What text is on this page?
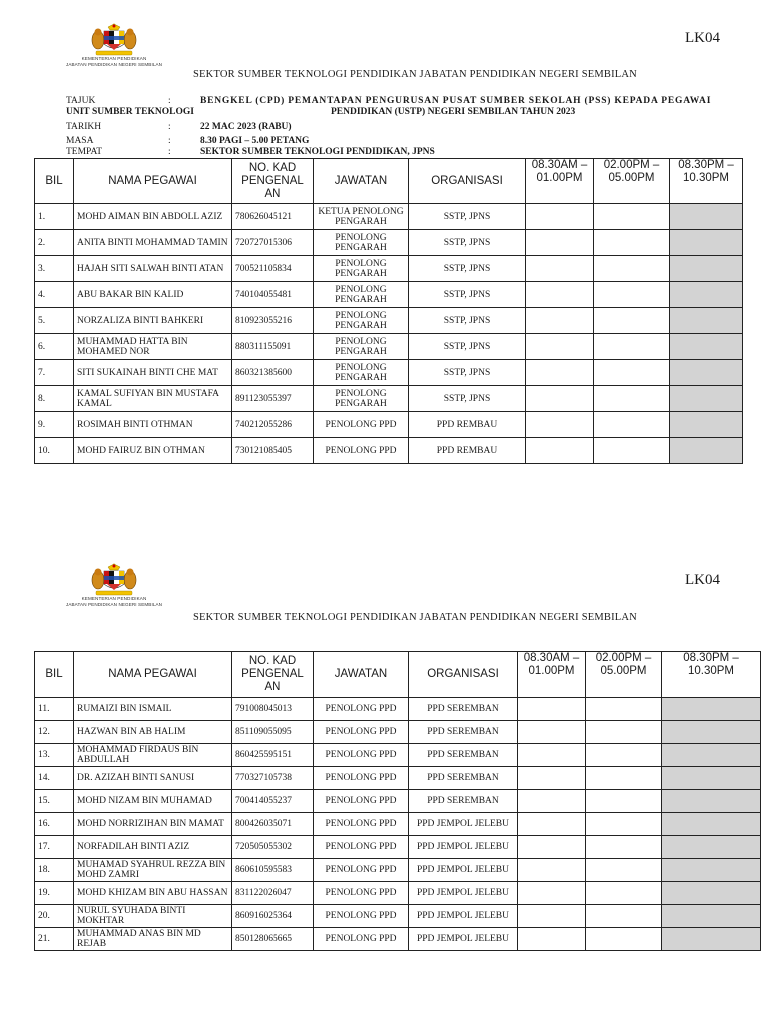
KEMENTERIAN PENDIDIKAN
JABATAN PENDIDIKAN NEGERI SEMBILAN
LK04
SEKTOR SUMBER TEKNOLOGI PENDIDIKAN JABATAN PENDIDIKAN NEGERI SEMBILAN
TAJUK	:	BENGKEL (CPD) PEMANTAPAN PENGURUSAN PUSAT SUMBER SEKOLAH (PSS) KEPADA PEGAWAI
UNIT SUMBER TEKNOLOGI	PENDIDIKAN (USTP) NEGERI SEMBILAN TAHUN 2023
TARIKH	:	22 MAC 2023 (RABU)
MASA	:	8.30 PAGI – 5.00 PETANG
TEMPAT	:	SEKTOR SUMBER TEKNOLOGI PENDIDIKAN, JPNS
BIL	NAMA PEGAWAI	NO. KAD PENGENAL AN	JAWATAN	ORGANISASI	08.30AM – 01.00PM	02.00PM – 05.00PM	08.30PM – 10.30PM
1.	MOHD AIMAN BIN ABDOLL AZIZ	780626045121	KETUA PENOLONG PENGARAH	SSTP, JPNS			
2.	ANITA BINTI MOHAMMAD TAMIN	720727015306	PENOLONG PENGARAH	SSTP, JPNS			
3.	HAJAH SITI SALWAH BINTI ATAN	700521105834	PENOLONG PENGARAH	SSTP, JPNS			
4.	ABU BAKAR BIN KALID	740104055481	PENOLONG PENGARAH	SSTP, JPNS			
5.	NORZALIZA BINTI BAHKERI	810923055216	PENOLONG PENGARAH	SSTP, JPNS			
6.	MUHAMMAD HATTA BIN MOHAMED NOR	880311155091	PENOLONG PENGARAH	SSTP, JPNS			
7.	SITI SUKAINAH BINTI CHE MAT	860321385600	PENOLONG PENGARAH	SSTP, JPNS			
8.	KAMAL SUFIYAN BIN MUSTAFA KAMAL	891123055397	PENOLONG PENGARAH	SSTP, JPNS			
9.	ROSIMAH BINTI OTHMAN	740212055286	PENOLONG PPD	PPD REMBAU			
10.	MOHD FAIRUZ BIN OTHMAN	730121085405	PENOLONG PPD	PPD REMBAU			
KEMENTERIAN PENDIDIKAN
JABATAN PENDIDIKAN NEGERI SEMBILAN
LK04
SEKTOR SUMBER TEKNOLOGI PENDIDIKAN JABATAN PENDIDIKAN NEGERI SEMBILAN
BIL	NAMA PEGAWAI	NO. KAD PENGENAL AN	JAWATAN	ORGANISASI	08.30AM – 01.00PM	02.00PM – 05.00PM	08.30PM – 10.30PM
11.	RUMAIZI BIN ISMAIL	791008045013	PENOLONG PPD	PPD SEREMBAN			
12.	HAZWAN BIN AB HALIM	851109055095	PENOLONG PPD	PPD SEREMBAN			
13.	MOHAMMAD FIRDAUS BIN ABDULLAH	860425595151	PENOLONG PPD	PPD SEREMBAN			
14.	DR. AZIZAH BINTI SANUSI	770327105738	PENOLONG PPD	PPD SEREMBAN			
15.	MOHD NIZAM BIN MUHAMAD	700414055237	PENOLONG PPD	PPD SEREMBAN			
16.	MOHD NORRIZIHAN BIN MAMAT	800426035071	PENOLONG PPD	PPD JEMPOL JELEBU			
17.	NORFADILAH BINTI AZIZ	720505055302	PENOLONG PPD	PPD JEMPOL JELEBU			
18.	MUHAMAD SYAHRUL REZZA BIN MOHD ZAMRI	860610595583	PENOLONG PPD	PPD JEMPOL JELEBU			
19.	MOHD KHIZAM BIN ABU HASSAN	831122026047	PENOLONG PPD	PPD JEMPOL JELEBU			
20.	NURUL SYUHADA BINTI MOKHTAR	860916025364	PENOLONG PPD	PPD JEMPOL JELEBU			
21.	MUHAMMAD ANAS BIN MD REJAB	850128065665	PENOLONG PPD	PPD JEMPOL JELEBU			
